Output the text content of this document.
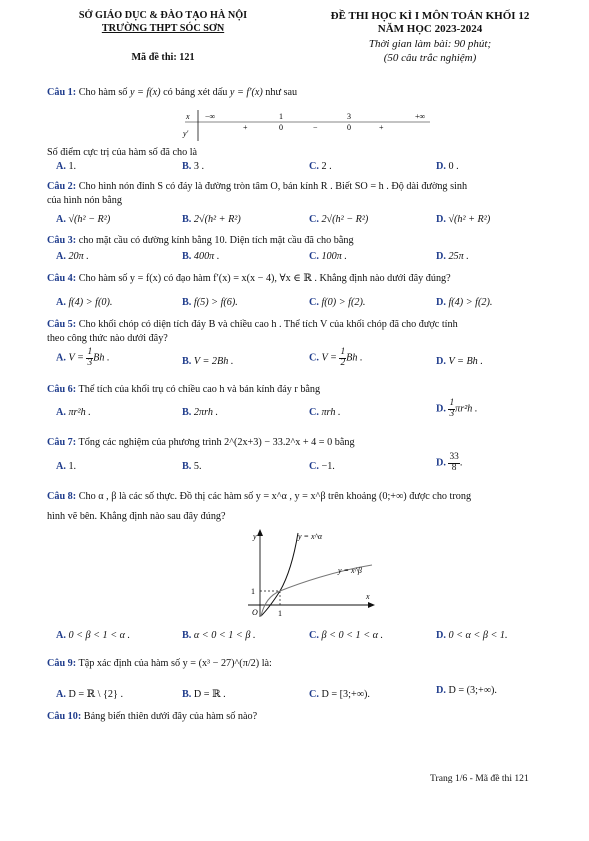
SỞ GIÁO DỤC & ĐÀO TẠO HÀ NỘI
TRƯỜNG THPT SÓC SƠN
Mã đề thi: 121
ĐỀ THI HỌC KÌ I MÔN TOÁN KHỐI 12
NĂM HỌC 2023-2024
Thời gian làm bài: 90 phút;
(50 câu trắc nghiệm)
Câu 1: Cho hàm số y = f(x) có bảng xét dấu y = f′(x) như sau
x
y′
−∞	1	3	+∞
+	0	−	0	+
Số điểm cực trị của hàm số đã cho là
A. 1.	B. 3 .	C. 2 .	D. 0 .
Câu 2: Cho hình nón đỉnh S có đáy là đường tròn tâm O, bán kính R . Biết SO = h . Độ dài đường sinh
của hình nón bằng
A. √(h² − R²)	B. 2√(h² + R²)	C. 2√(h² − R²)	D. √(h² + R²)
Câu 3: cho mặt cầu có đường kính bằng 10. Diện tích mặt cầu đã cho bằng
A. 20π .	B. 400π .	C. 100π .	D. 25π .
Câu 4: Cho hàm số y = f(x) có đạo hàm f′(x) = x(x − 4), ∀x ∈ ℝ . Khẳng định nào dưới đây đúng?
A. f(4) > f(0).	B. f(5) > f(6).	C. f(0) > f(2).	D. f(4) > f(2).
Câu 5: Cho khối chóp có diện tích đáy B và chiều cao h . Thể tích V của khối chóp đã cho được tính
theo công thức nào dưới đây?
A. $V = \frac{1}{3}$ Bh .	B. V = 2Bh .	C. $V = \frac{1}{2}$ Bh .	D. V = Bh .
Câu 6: Thể tích của khối trụ có chiều cao h và bán kính đáy r bằng
A. πr²h .	B. 2πrh .	C. πrh .	D. $\frac{1}{3} \pi r^2h$ .
Câu 7: Tổng các nghiệm của phương trình 2^(2x+3) − 33.2^x + 4 = 0 bằng
A. 1.	B. 5.	C. −1.	D. $\frac{33}{8}$ .
Câu 8: Cho α , β là các số thực. Đồ thị các hàm số y = x^α , y = x^β trên khoảng (0;+∞) được cho trong
hình vẽ bên. Khẳng định nào sau đây đúng?
y
x
O	1
1
y = x^α
y = x^β
A. 0 < β < 1 < α .	B. α < 0 < 1 < β .	C. β < 0 < 1 < α .	D. 0 < α < β < 1.
Câu 9: Tập xác định của hàm số y = (x³ − 27)^(π/2) là:
A. D = ℝ \ {2} .	B. D = ℝ .	C. D = [3;+∞).	D. D = (3;+∞).
Câu 10: Bảng biến thiên dưới đây của hàm số nào?
Trang 1/6 - Mã đề thi 121
